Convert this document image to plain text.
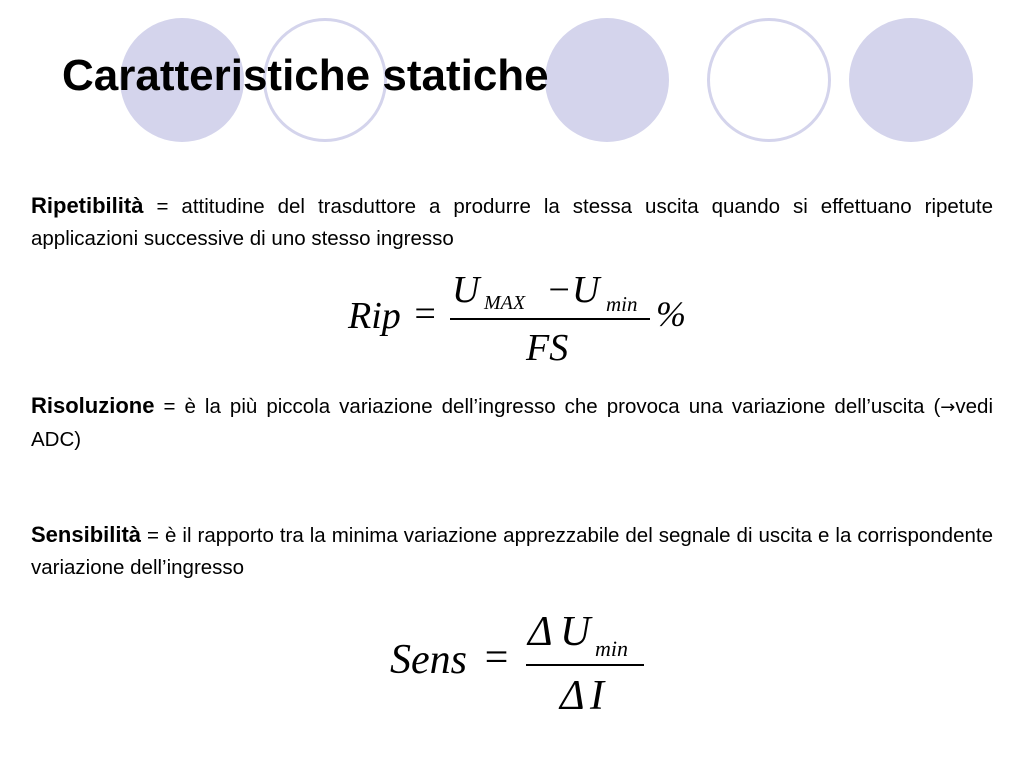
Caratteristiche statiche

Ripetibilità = attitudine del trasduttore a produrre la stessa uscita quando si effettuano ripetute applicazioni successive di uno stesso ingresso

Rip =
U MAX − U min
FS
%

Risoluzione = è la più piccola variazione dell’ingresso che provoca una variazione dell’uscita (→vedi ADC)

Sensibilità = è il rapporto tra la minima variazione apprezzabile del segnale di uscita e la corrispondente variazione dell’ingresso

Sens =
Δ U min
Δ I
